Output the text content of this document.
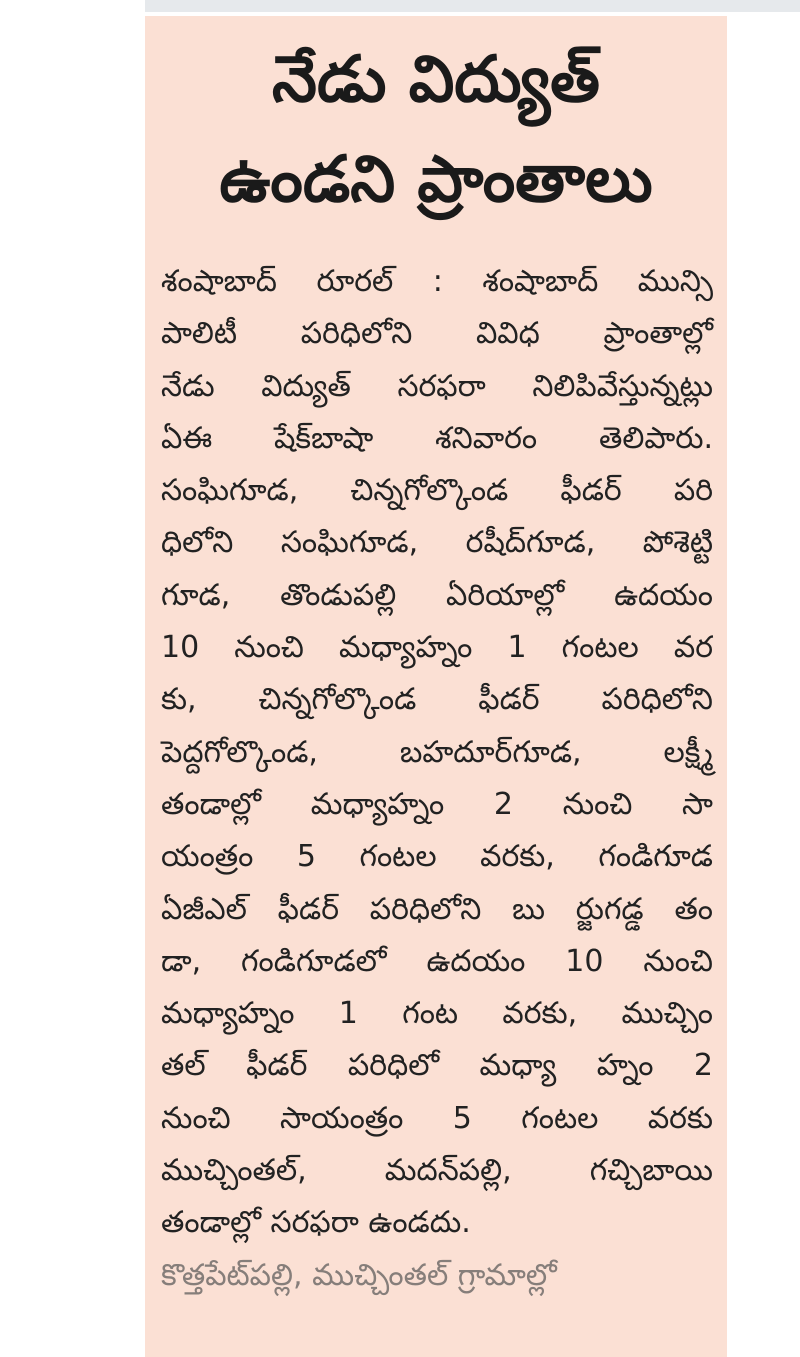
నేడు విద్యుత్
ఉండని ప్రాంతాలు
శంషాబాద్ రూరల్ : శంషాబాద్ మున్సి
పాలిటీ పరిధిలోని వివిధ ప్రాంతాల్లో
నేడు విద్యుత్ సరఫరా నిలిపివేస్తున్నట్లు
ఏఈ షేక్‌బాషా శనివారం తెలిపారు.
సంఘిగూడ, చిన్నగోల్కొండ ఫీడర్ పరి
ధిలోని సంఘిగూడ, రషీద్‌గూడ, పోశెట్టి
గూడ, తొండుపల్లి ఏరియాల్లో ఉదయం
10 నుంచి మధ్యాహ్నం 1 గంటల వర
కు, చిన్నగోల్కొండ ఫీడర్ పరిధిలోని
పెద్దగోల్కొండ, బహదూర్‌గూడ, లక్ష్మీ
తండాల్లో మధ్యాహ్నం 2 నుంచి సా
యంత్రం 5 గంటల వరకు, గండిగూడ
ఏజీఎల్ ఫీడర్ పరిధిలోని బు ర్జుగడ్డ తం
డా, గండిగూడలో ఉదయం 10 నుంచి
మధ్యాహ్నం 1 గంట వరకు, ముచ్చిం
తల్ ఫీడర్ పరిధిలో మధ్యా హ్నం 2
నుంచి సాయంత్రం 5 గంటల వరకు
ముచ్చింతల్, మదన్‌పల్లి, గచ్చిబాయి
తండాల్లో సరఫరా ఉండదు.
కొత్తపేట్‌పల్లి, ముచ్చింతల్ గ్రామాల్లో
